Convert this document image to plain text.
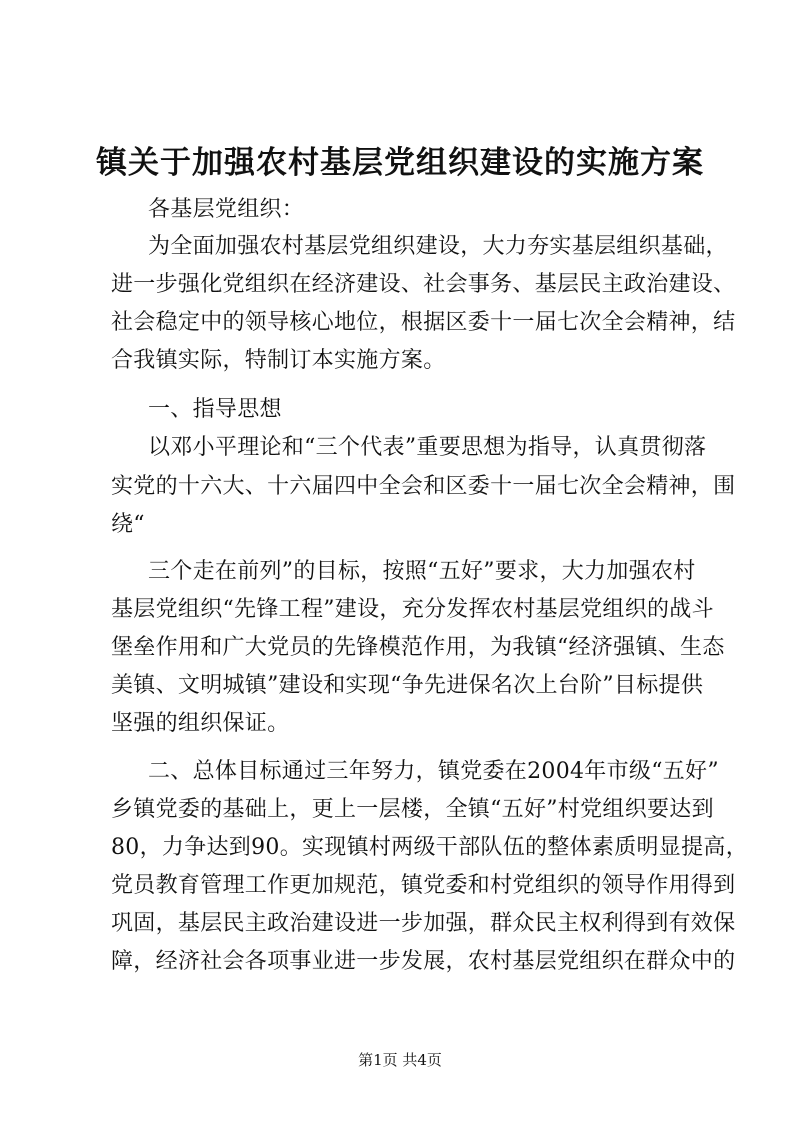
镇关于加强农村基层党组织建设的实施方案
各基层党组织：
为全面加强农村基层党组织建设，大力夯实基层组织基础，
进一步强化党组织在经济建设、社会事务、基层民主政治建设、
社会稳定中的领导核心地位，根据区委十一届七次全会精神，结
合我镇实际，特制订本实施方案。
一、指导思想
以邓小平理论和“三个代表”重要思想为指导，认真贯彻落
实党的十六大、十六届四中全会和区委十一届七次全会精神，围
绕“
三个走在前列”的目标，按照“五好”要求，大力加强农村
基层党组织“先锋工程”建设，充分发挥农村基层党组织的战斗
堡垒作用和广大党员的先锋模范作用，为我镇“经济强镇、生态
美镇、文明城镇”建设和实现“争先进保名次上台阶”目标提供
坚强的组织保证。
二、总体目标通过三年努力，镇党委在2004年市级“五好”
乡镇党委的基础上，更上一层楼，全镇“五好”村党组织要达到
80，力争达到90。实现镇村两级干部队伍的整体素质明显提高，
党员教育管理工作更加规范，镇党委和村党组织的领导作用得到
巩固，基层民主政治建设进一步加强，群众民主权利得到有效保
障，经济社会各项事业进一步发展，农村基层党组织在群众中的
第1页 共4页
